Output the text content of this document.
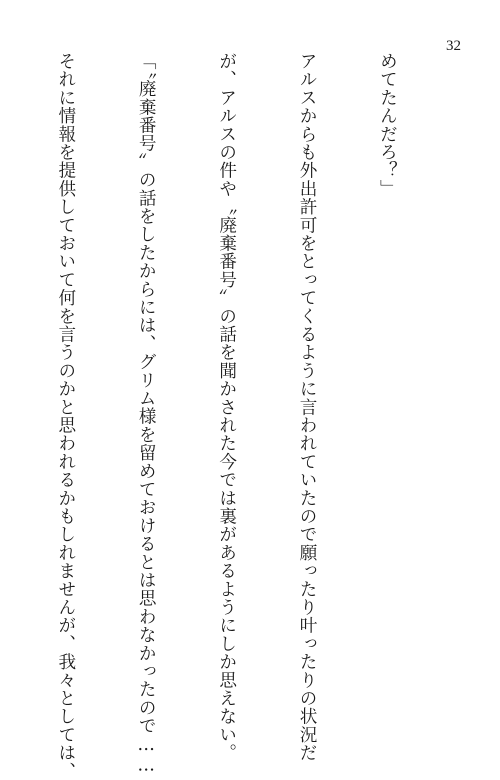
32

めてたんだろ？」

アルスからも外出許可をとってくるように言われていたので願ったり叶ったりの状況だ

が、アルスの件や〝廃棄番号〟の話を聞かされた今では裏があるようにしか思えない。

「〝廃棄番号〟の話をしたからには、グリム様を留めておけるとは思わなかったので……

それに情報を提供しておいて何を言うのかと思われるかもしれませんが、我々としては、
